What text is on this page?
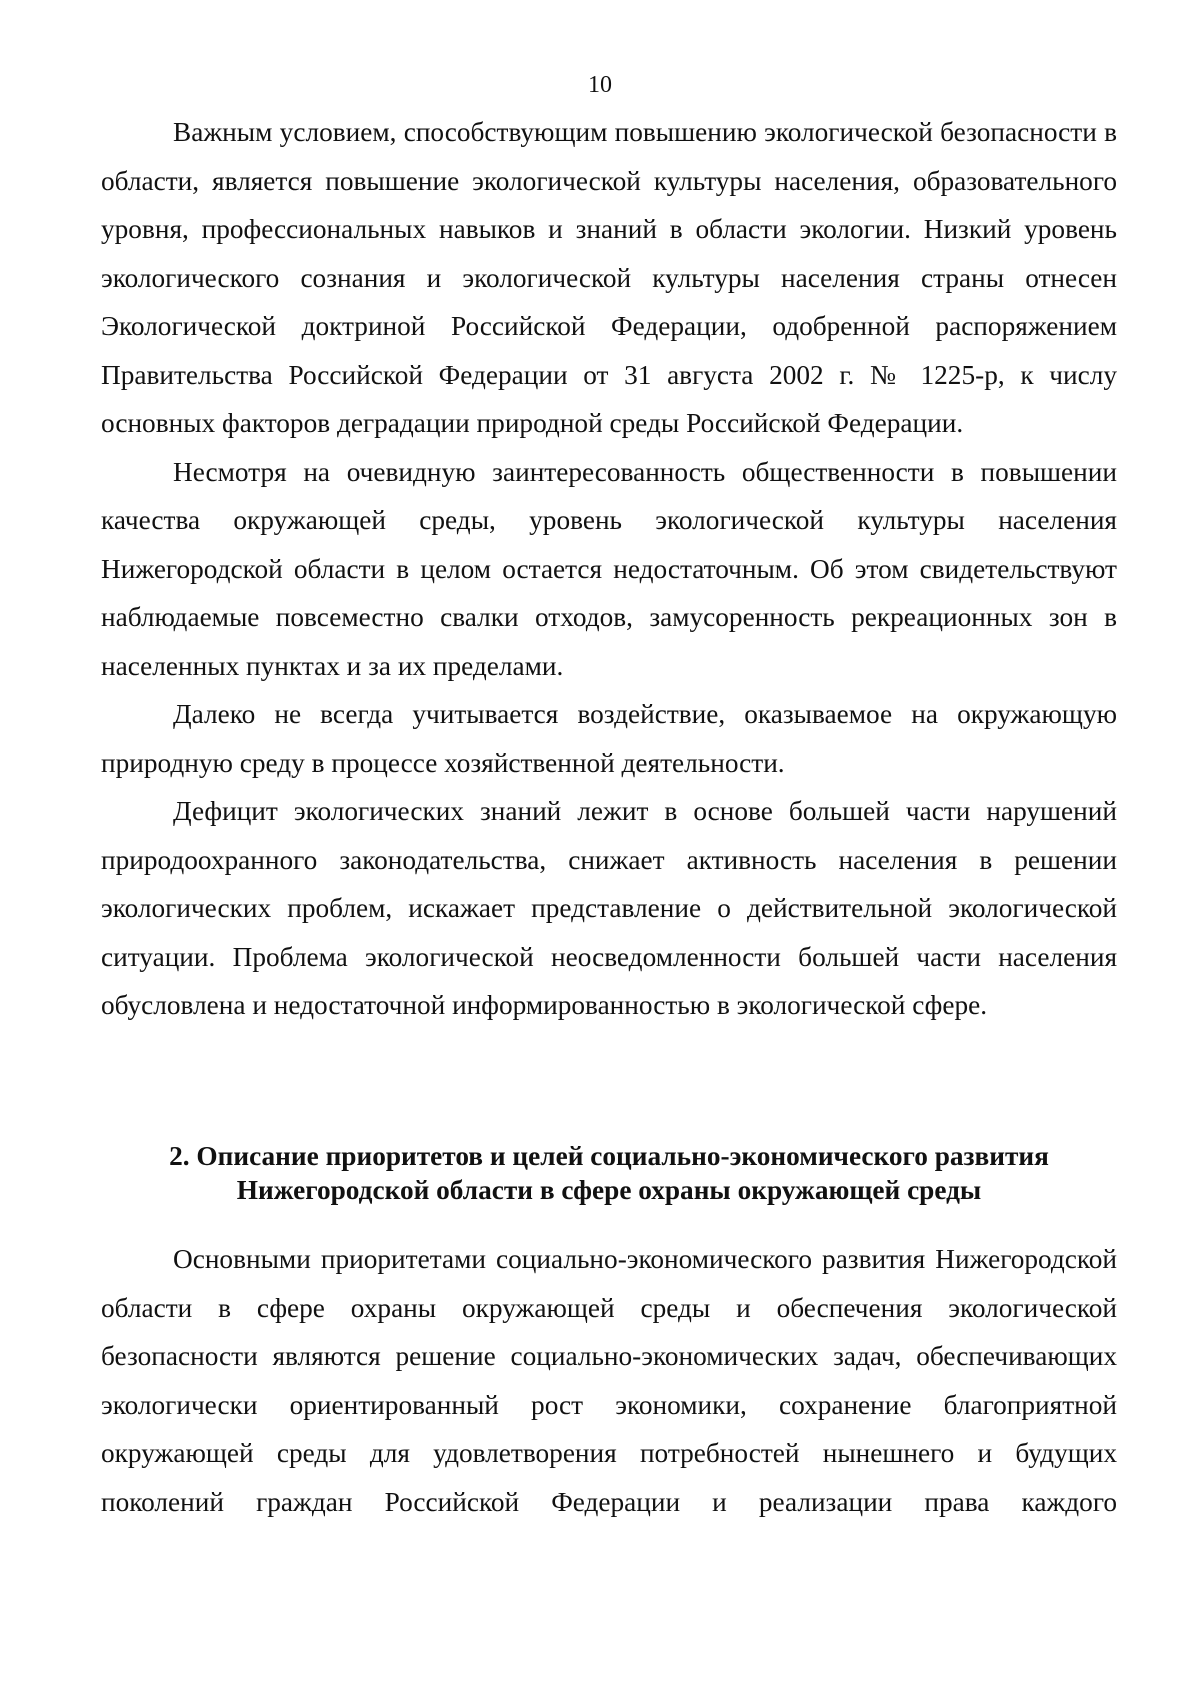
10

Важным условием, способствующим повышению экологической безопасности в области, является повышение экологической культуры населения, образовательного уровня, профессиональных навыков и знаний в области экологии. Низкий уровень экологического сознания и экологической культуры населения страны отнесен Экологической доктриной Российской Федерации, одобренной распоряжением Правительства Российской Федерации от 31 августа 2002 г. № 1225-р, к числу основных факторов деградации природной среды Российской Федерации.

Несмотря на очевидную заинтересованность общественности в повышении качества окружающей среды, уровень экологической культуры населения Нижегородской области в целом остается недостаточным. Об этом свидетельствуют наблюдаемые повсеместно свалки отходов, замусоренность рекреационных зон в населенных пунктах и за их пределами.

Далеко не всегда учитывается воздействие, оказываемое на окружающую природную среду в процессе хозяйственной деятельности.

Дефицит экологических знаний лежит в основе большей части нарушений природоохранного законодательства, снижает активность населения в решении экологических проблем, искажает представление о действительной экологической ситуации. Проблема экологической неосведомленности большей части населения обусловлена и недостаточной информированностью в экологической сфере.

2. Описание приоритетов и целей социально-экономического развития
Нижегородской области в сфере охраны окружающей среды

Основными приоритетами социально-экономического развития Нижегородской области в сфере охраны окружающей среды и обеспечения экологической безопасности являются решение социально-экономических задач, обеспечивающих экологически ориентированный рост экономики, сохранение благоприятной окружающей среды для удовлетворения потребностей нынешнего и будущих поколений граждан Российской Федерации и реализации права каждого
